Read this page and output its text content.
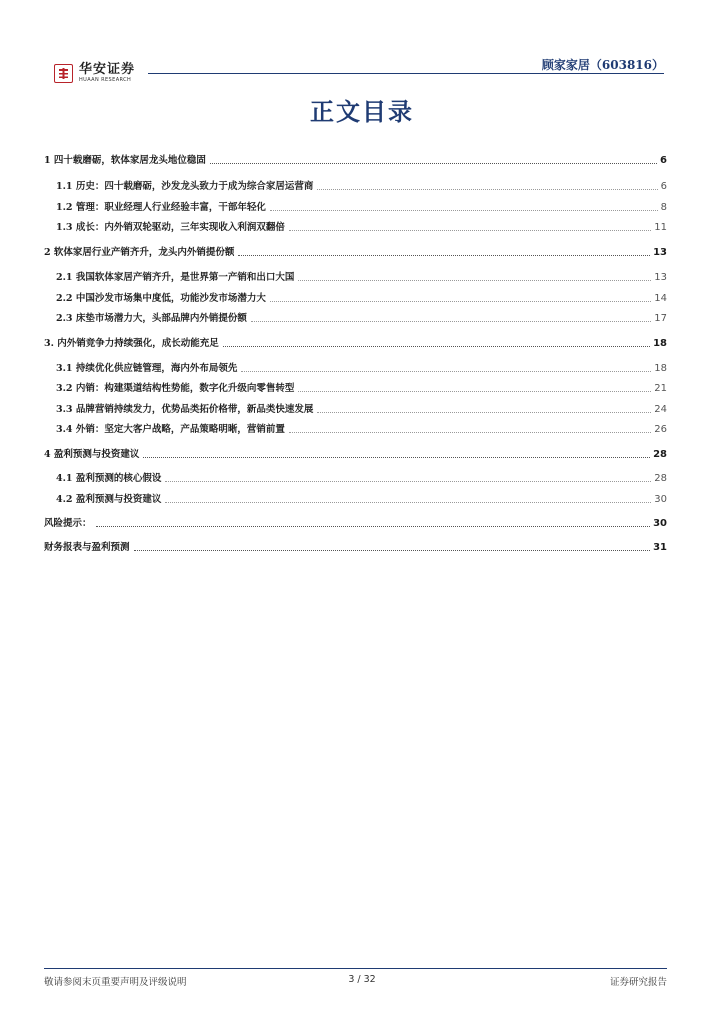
华安证券
HUAAN RESEARCH
顾家家居（603816）
正文目录
1 四十载磨砺，软体家居龙头地位稳固	6
1.1 历史：四十载磨砺，沙发龙头致力于成为综合家居运营商	6
1.2 管理：职业经理人行业经验丰富，干部年轻化	8
1.3 成长：内外销双轮驱动，三年实现收入利润双翻倍	11
2 软体家居行业产销齐升，龙头内外销提份额	13
2.1 我国软体家居产销齐升，是世界第一产销和出口大国	13
2.2 中国沙发市场集中度低，功能沙发市场潜力大	14
2.3 床垫市场潜力大，头部品牌内外销提份额	17
3. 内外销竞争力持续强化，成长动能充足	18
3.1 持续优化供应链管理，海内外布局领先	18
3.2 内销：构建渠道结构性势能，数字化升级向零售转型	21
3.3 品牌营销持续发力，优势品类拓价格带，新品类快速发展	24
3.4 外销：坚定大客户战略，产品策略明晰，营销前置	26
4 盈利预测与投资建议	28
4.1 盈利预测的核心假设	28
4.2 盈利预测与投资建议	30
风险提示：	30
财务报表与盈利预测	31
敬请参阅末页重要声明及评级说明	3 / 32	证券研究报告
